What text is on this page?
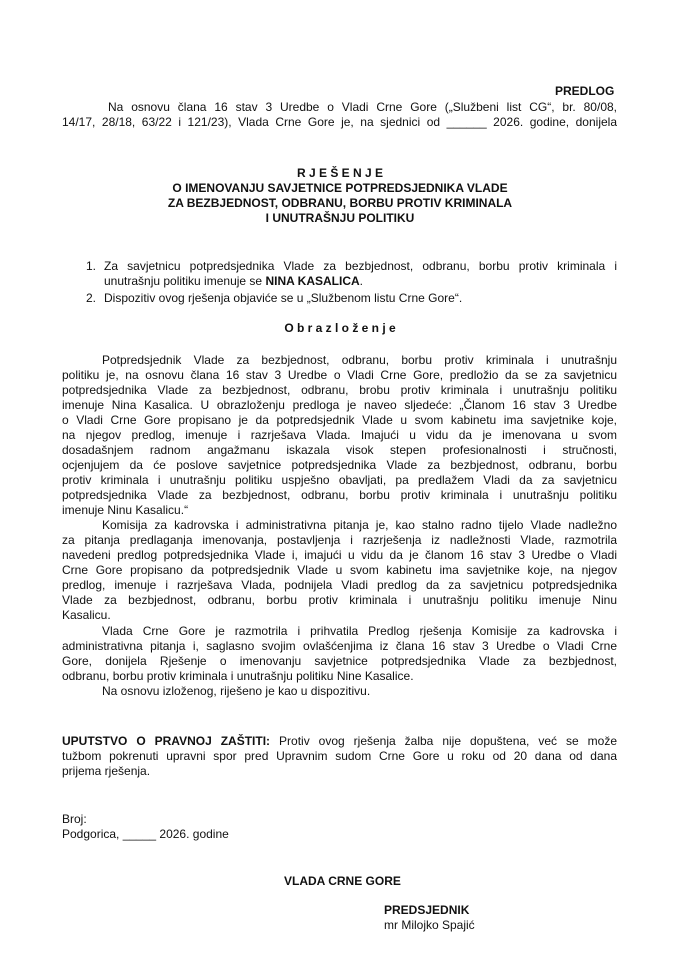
PREDLOG
Na osnovu člana 16 stav 3 Uredbe o Vladi Crne Gore („Službeni list CG“, br. 80/08,
14/17, 28/18, 63/22 i 121/23), Vlada Crne Gore je, na sjednici od ______ 2026. godine, donijela
R J E Š E N J E
O IMENOVANJU SAVJETNICE POTPREDSJEDNIKA VLADE
ZA BEZBJEDNOST, ODBRANU, BORBU PROTIV KRIMINALA
I UNUTRAŠNJU POLITIKU
1. Za savjetnicu potpredsjednika Vlade za bezbjednost, odbranu, borbu protiv kriminala i
unutrašnju politiku imenuje se NINA KASALICA.
2. Dispozitiv ovog rješenja objaviće se u „Službenom listu Crne Gore“.
O b r a z l o ž e n j e
Potpredsjednik Vlade za bezbjednost, odbranu, borbu protiv kriminala i unutrašnju
politiku je, na osnovu člana 16 stav 3 Uredbe o Vladi Crne Gore, predložio da se za savjetnicu
potpredsjednika Vlade za bezbjednost, odbranu, brobu protiv kriminala i unutrašnju politiku
imenuje Nina Kasalica. U obrazloženju predloga je naveo sljedeće: „Članom 16 stav 3 Uredbe
o Vladi Crne Gore propisano je da potpredsjednik Vlade u svom kabinetu ima savjetnike koje,
na njegov predlog, imenuje i razrješava Vlada. Imajući u vidu da je imenovana u svom
dosadašnjem radnom angažmanu iskazala visok stepen profesionalnosti i stručnosti,
ocjenjujem da će poslove savjetnice potpredsjednika Vlade za bezbjednost, odbranu, borbu
protiv kriminala i unutrašnju politiku uspješno obavljati, pa predlažem Vladi da za savjetnicu
potpredsjednika Vlade za bezbjednost, odbranu, borbu protiv kriminala i unutrašnju politiku
imenuje Ninu Kasalicu.“
Komisija za kadrovska i administrativna pitanja je, kao stalno radno tijelo Vlade nadležno
za pitanja predlaganja imenovanja, postavljenja i razrješenja iz nadležnosti Vlade, razmotrila
navedeni predlog potpredsjednika Vlade i, imajući u vidu da je članom 16 stav 3 Uredbe o Vladi
Crne Gore propisano da potpredsjednik Vlade u svom kabinetu ima savjetnike koje, na njegov
predlog, imenuje i razrješava Vlada, podnijela Vladi predlog da za savjetnicu potpredsjednika
Vlade za bezbjednost, odbranu, borbu protiv kriminala i unutrašnju politiku imenuje Ninu
Kasalicu.
Vlada Crne Gore je razmotrila i prihvatila Predlog rješenja Komisije za kadrovska i
administrativna pitanja i, saglasno svojim ovlašćenjima iz člana 16 stav 3 Uredbe o Vladi Crne
Gore, donijela Rješenje o imenovanju savjetnice potpredsjednika Vlade za bezbjednost,
odbranu, borbu protiv kriminala i unutrašnju politiku Nine Kasalice.
Na osnovu izloženog, riješeno je kao u dispozitivu.
UPUTSTVO O PRAVNOJ ZAŠTITI: Protiv ovog rješenja žalba nije dopuštena, već se može
tužbom pokrenuti upravni spor pred Upravnim sudom Crne Gore u roku od 20 dana od dana
prijema rješenja.
Broj:
Podgorica, _____ 2026. godine
VLADA CRNE GORE
PREDSJEDNIK
mr Milojko Spajić
